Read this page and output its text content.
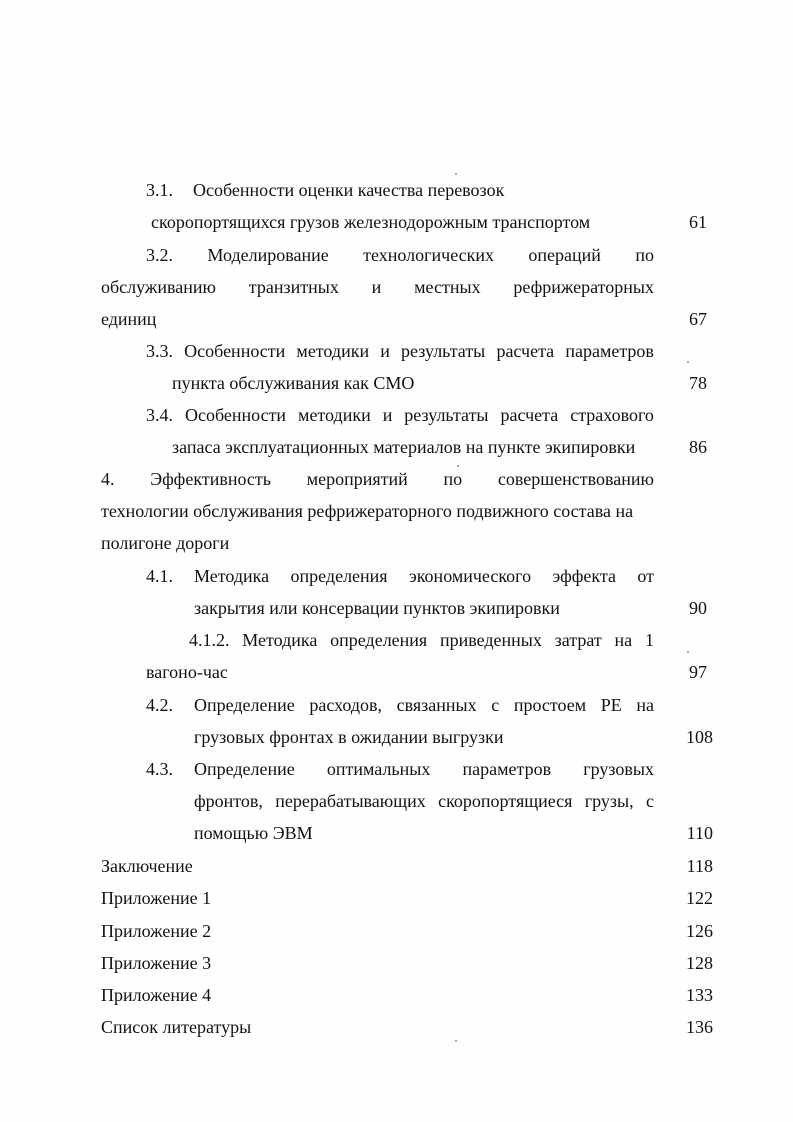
3.1. Особенности оценки качества перевозок
скоропортящихся грузов железнодорожным транспортом	61
3.2. Моделирование технологических операций по
обслуживанию транзитных и местных рефрижераторных
единиц	67
3.3. Особенности методики и результаты расчета параметров
пункта обслуживания как СМО	78
3.4. Особенности методики и результаты расчета страхового
запаса эксплуатационных материалов на пункте экипировки	86
4. Эффективность мероприятий по совершенствованию
технологии обслуживания рефрижераторного подвижного состава на
полигоне дороги
4.1.	Методика определения экономического эффекта от
закрытия или консервации пунктов экипировки	90
4.1.2. Методика определения приведенных затрат на 1
вагоно-час	97
4.2.	Определение расходов, связанных с простоем РЕ на
грузовых фронтах в ожидании выгрузки	108
4.3.	Определение оптимальных параметров грузовых
фронтов, перерабатывающих скоропортящиеся грузы, с
помощью ЭВМ	110
Заключение	118
Приложение 1	122
Приложение 2	126
Приложение 3	128
Приложение 4	133
Список литературы	136
